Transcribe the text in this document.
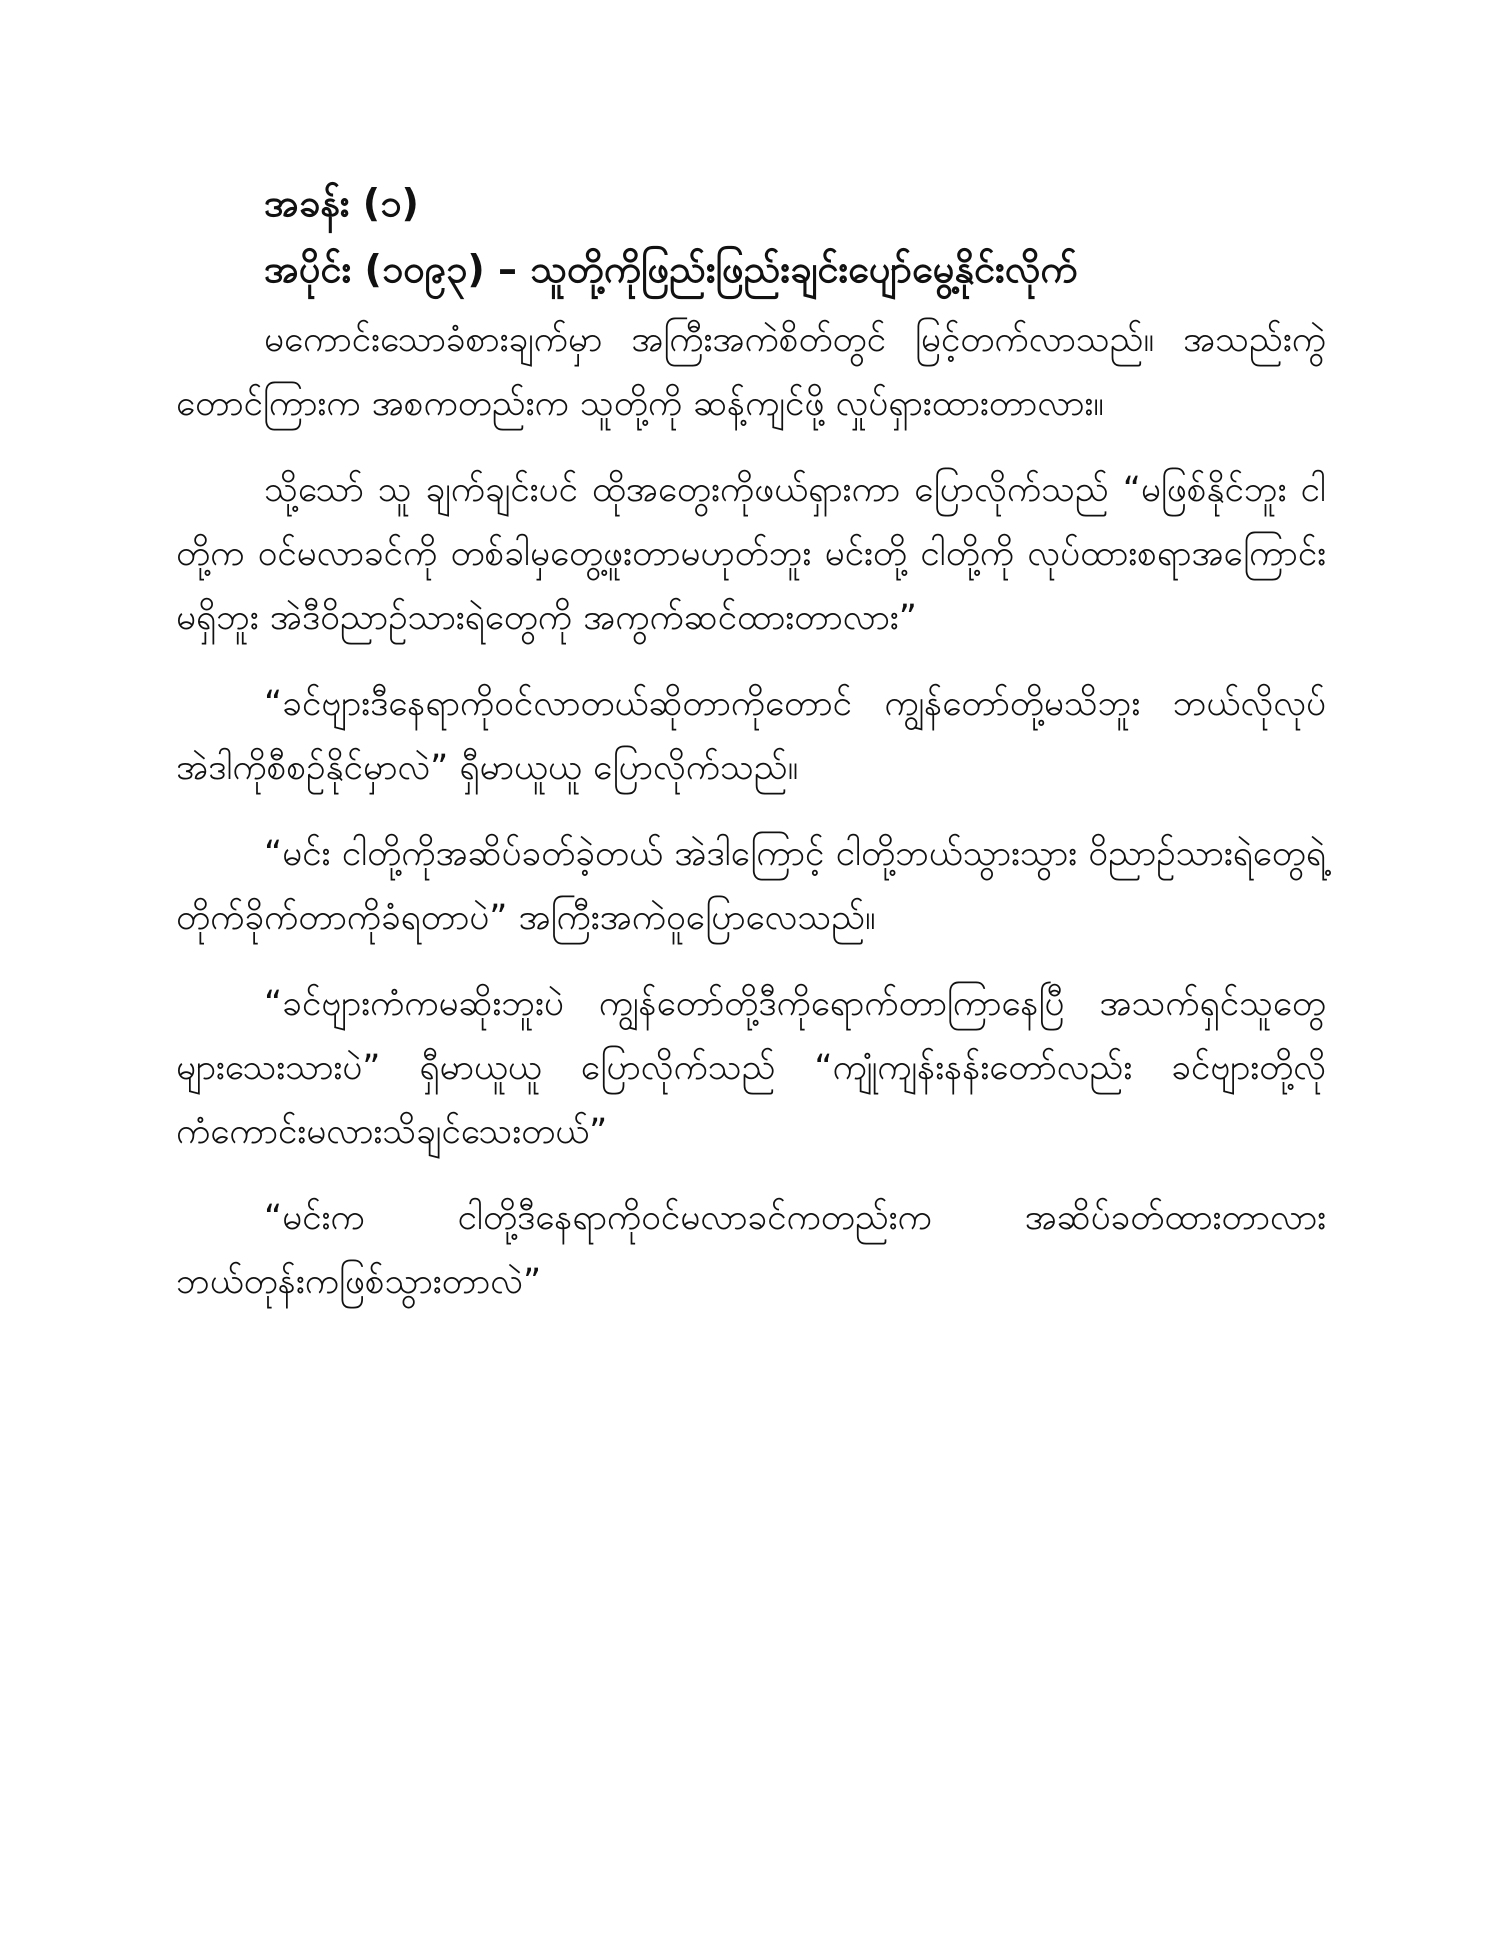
အခန်း (၁)
အပိုင်း (၁၀၉၃) – သူတို့ကိုဖြည်းဖြည်းချင်းပျော်မွေ့နိုင်းလိုက်

မကောင်းသောခံစားချက်မှာ အကြီးအကဲစိတ်တွင် မြင့်တက်လာသည်။ အသည်းကွဲတောင်ကြားက အစကတည်းက သူတို့ကို ဆန့်ကျင်ဖို့ လှုပ်ရှားထားတာလား။

သို့သော် သူ ချက်ချင်းပင် ထိုအတွေးကိုဖယ်ရှားကာ ပြောလိုက်သည် “မဖြစ်နိုင်ဘူး ငါတို့က ဝင်မလာခင်ကို တစ်ခါမှတွေ့ဖူးတာမဟုတ်ဘူး မင်းတို့ ငါတို့ကို လုပ်ထားစရာအကြောင်းမရှိဘူး အဲဒီဝိညာဉ်သားရဲတွေကို အကွက်ဆင်ထားတာလား”

“ခင်ဗျားဒီနေရာကိုဝင်လာတယ်ဆိုတာကိုတောင် ကျွန်တော်တို့မသိဘူး ဘယ်လိုလုပ် အဲဒါကိုစီစဉ်နိုင်မှာလဲ” ရှီမာယူယူ ပြောလိုက်သည်။

“မင်း ငါတို့ကိုအဆိပ်ခတ်ခဲ့တယ် အဲဒါကြောင့် ငါတို့ဘယ်သွားသွား ဝိညာဉ်သားရဲတွေရဲ့ တိုက်ခိုက်တာကိုခံရတာပဲ” အကြီးအကဲဝူပြောလေသည်။

“ခင်ဗျားကံကမဆိုးဘူးပဲ ကျွန်တော်တို့ဒီကိုရောက်တာကြာနေပြီ အသက်ရှင်သူတွေ များသေးသားပဲ” ရှီမာယူယူ ပြောလိုက်သည် “ကျုံကျန်းနန်းတော်လည်း ခင်ဗျားတို့လိုကံကောင်းမလားသိချင်သေးတယ်”

“မင်းက ငါတို့ဒီနေရာကိုဝင်မလာခင်ကတည်းက အဆိပ်ခတ်ထားတာလား ဘယ်တုန်းကဖြစ်သွားတာလဲ”
